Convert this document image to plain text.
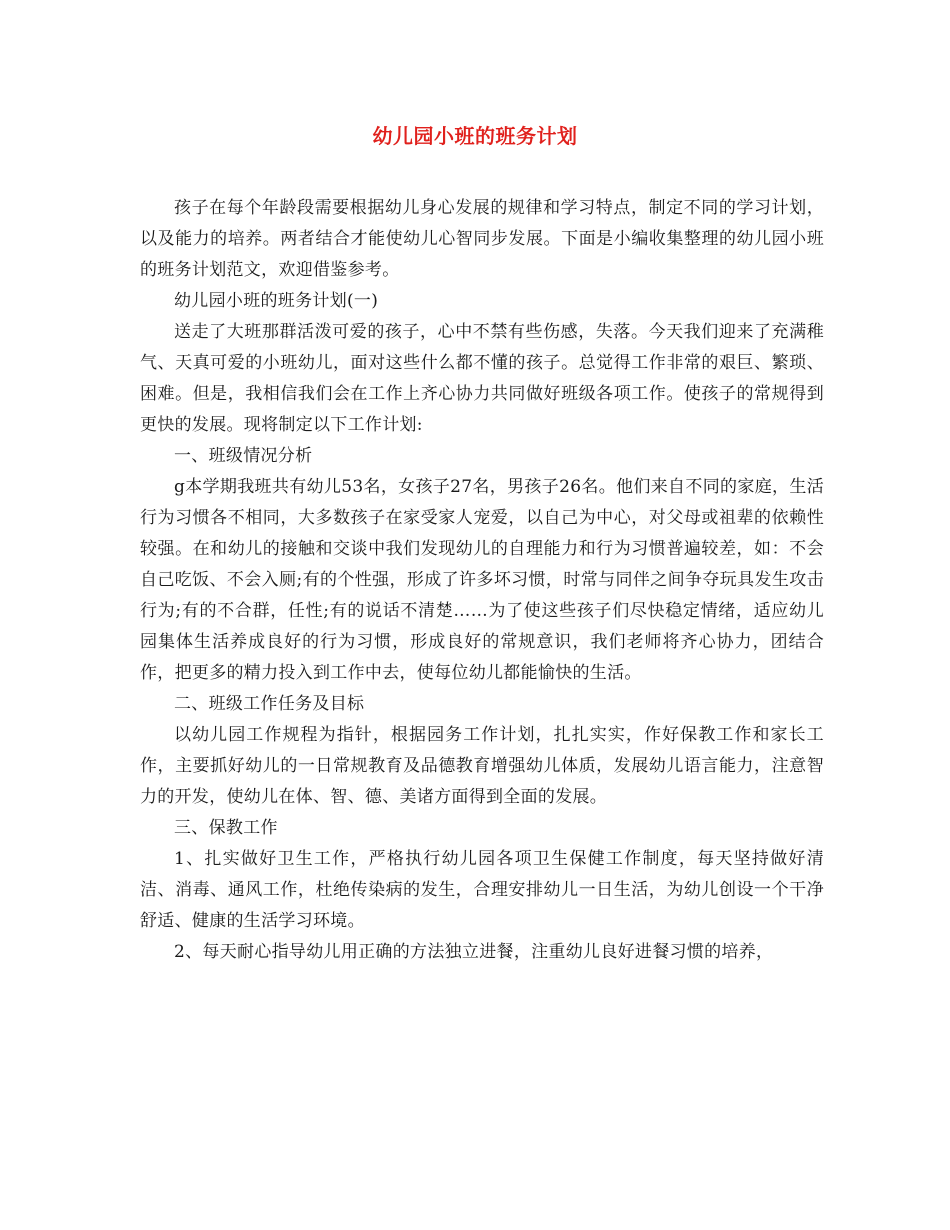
幼儿园小班的班务计划

孩子在每个年龄段需要根据幼儿身心发展的规律和学习特点，制定不同的学习计划，以及能力的培养。两者结合才能使幼儿心智同步发展。下面是小编收集整理的幼儿园小班的班务计划范文，欢迎借鉴参考。

幼儿园小班的班务计划(一)

送走了大班那群活泼可爱的孩子，心中不禁有些伤感，失落。今天我们迎来了充满稚气、天真可爱的小班幼儿，面对这些什么都不懂的孩子。总觉得工作非常的艰巨、繁琐、困难。但是，我相信我们会在工作上齐心协力共同做好班级各项工作。使孩子的常规得到更快的发展。现将制定以下工作计划:

一、班级情况分析

g本学期我班共有幼儿53名，女孩子27名，男孩子26名。他们来自不同的家庭，生活行为习惯各不相同，大多数孩子在家受家人宠爱，以自己为中心，对父母或祖辈的依赖性较强。在和幼儿的接触和交谈中我们发现幼儿的自理能力和行为习惯普遍较差，如：不会自己吃饭、不会入厕;有的个性强，形成了许多坏习惯，时常与同伴之间争夺玩具发生攻击行为;有的不合群，任性;有的说话不清楚……为了使这些孩子们尽快稳定情绪，适应幼儿园集体生活养成良好的行为习惯，形成良好的常规意识，我们老师将齐心协力，团结合作，把更多的精力投入到工作中去，使每位幼儿都能愉快的生活。

二、班级工作任务及目标

以幼儿园工作规程为指针，根据园务工作计划，扎扎实实，作好保教工作和家长工作，主要抓好幼儿的一日常规教育及品德教育增强幼儿体质，发展幼儿语言能力，注意智力的开发，使幼儿在体、智、德、美诸方面得到全面的发展。

三、保教工作

1、扎实做好卫生工作，严格执行幼儿园各项卫生保健工作制度，每天坚持做好清洁、消毒、通风工作，杜绝传染病的发生，合理安排幼儿一日生活，为幼儿创设一个干净舒适、健康的生活学习环境。

2、每天耐心指导幼儿用正确的方法独立进餐，注重幼儿良好进餐习惯的培养，
